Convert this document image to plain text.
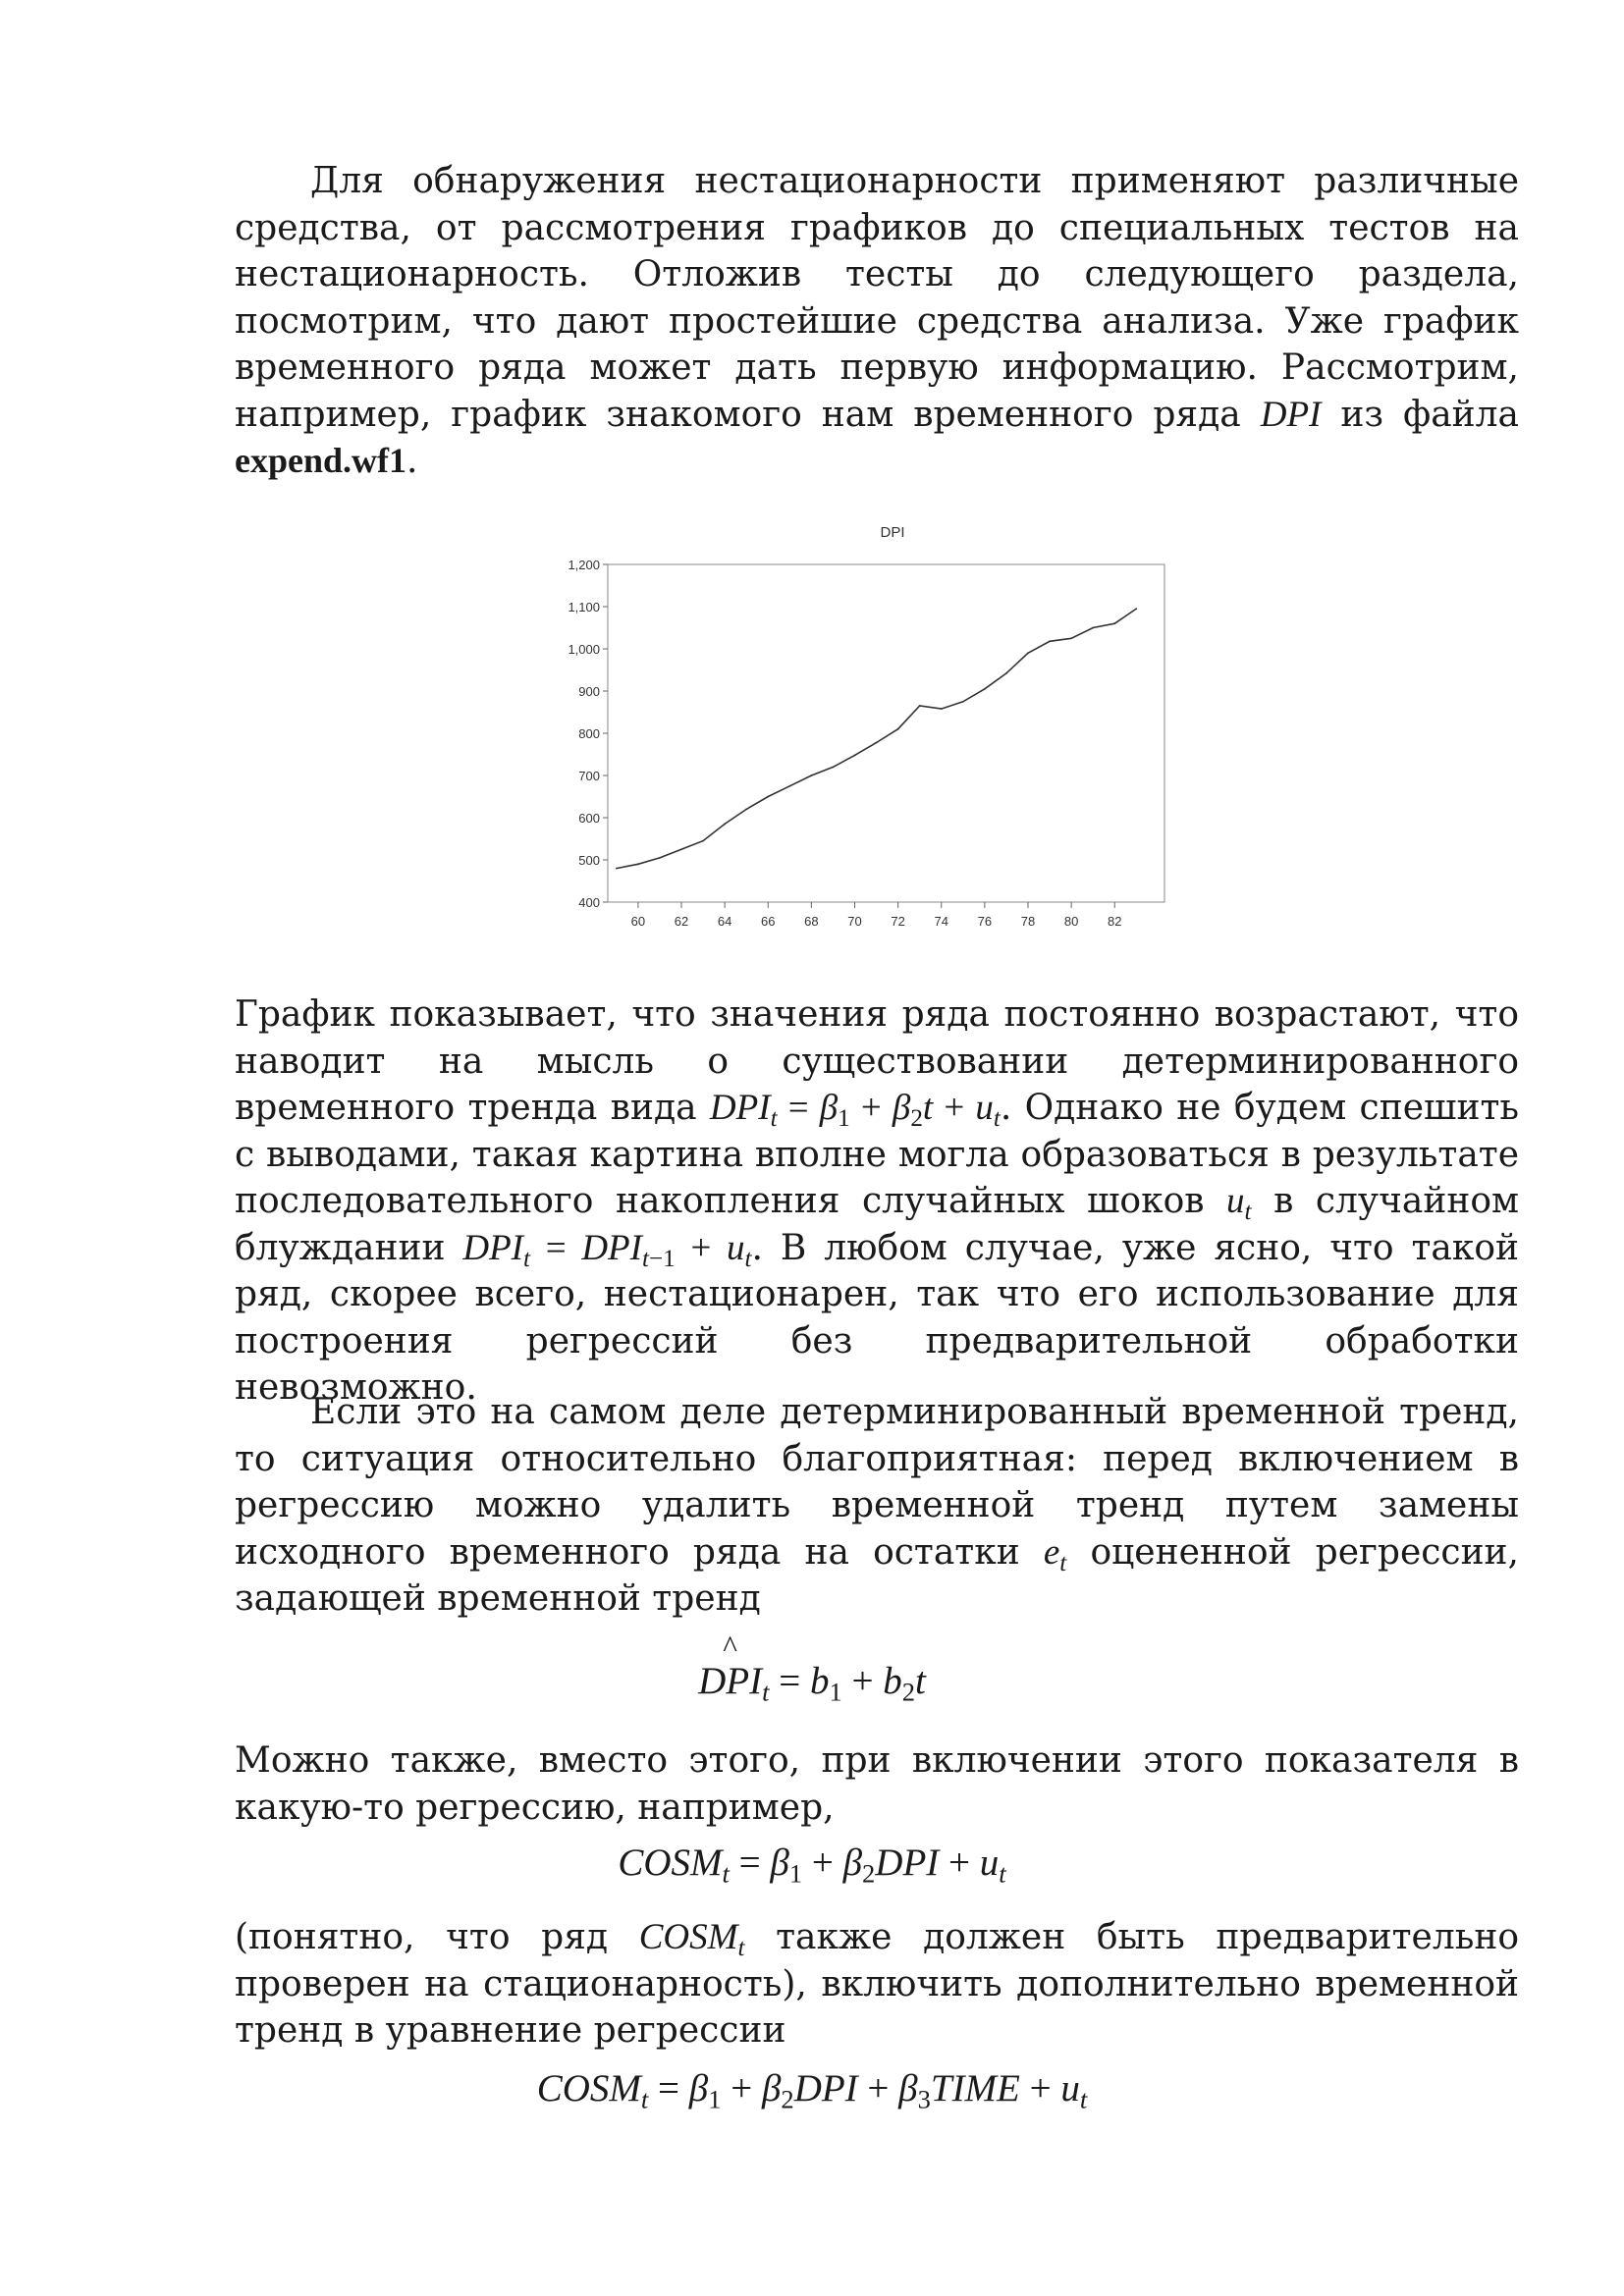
Для обнаружения нестационарности применяют различные средства, от рассмотрения графиков до специальных тестов на нестационарность. Отложив тесты до следующего раздела, посмотрим, что дают простейшие средства анализа. Уже график временного ряда может дать первую информацию. Рассмотрим, например, график знакомого нам временного ряда DPI из файла expend.wf1.

DPI
400
500
600
700
800
900
1,000
1,100
1,200
60 62 64 66 68 70 72 74 76 78 80 82

График показывает, что значения ряда постоянно возрастают, что наводит на мысль о существовании детерминированного временного тренда вида $DPI_t = \beta_1 + \beta_2t + u_t$. Однако не будем спешить с выводами, такая картина вполне могла образоваться в результате последовательного накопления случайных шоков $u_t$ в случайном блуждании $DPI_t = DPI_{t-1} + u_t$. В любом случае, уже ясно, что такой ряд, скорее всего, нестационарен, так что его использование для построения регрессий без предварительной обработки невозможно.

Если это на самом деле детерминированный временной тренд, то ситуация относительно благоприятная: перед включением в регрессию можно удалить временной тренд путем замены исходного временного ряда на остатки $e_t$ оцененной регрессии, задающей временной тренд

DPI
^
$_t = b_1 + b_2t$

Можно также, вместо этого, при включении этого показателя в какую-то регрессию, например,

$COSM_t = \beta_1 + \beta_2DPI + u_t$

(понятно, что ряд $COSM_t$ также должен быть предварительно проверен на стационарность), включить дополнительно временной тренд в уравнение регрессии

$COSM_t = \beta_1 + \beta_2DPI$ + $\beta_3TIME + u_t$
